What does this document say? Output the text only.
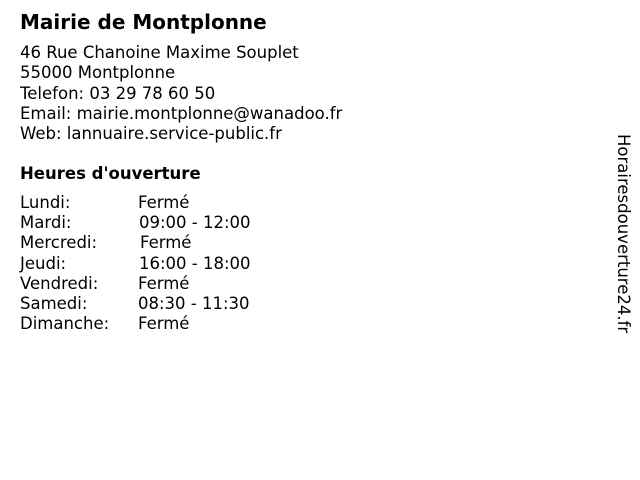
Mairie de Montplonne
46 Rue Chanoine Maxime Souplet
55000 Montplonne
Telefon: 03 29 78 60 50
Email: mairie.montplonne@wanadoo.fr
Web: lannuaire.service-public.fr
Heures d'ouverture
Lundi:	Fermé
Mardi:	09:00 - 12:00
Mercredi:	Fermé
Jeudi:	16:00 - 18:00
Vendredi: Fermé
Samedi:	08:30 - 11:30
Dimanche: Fermé	Horairesdouverture24.fr
